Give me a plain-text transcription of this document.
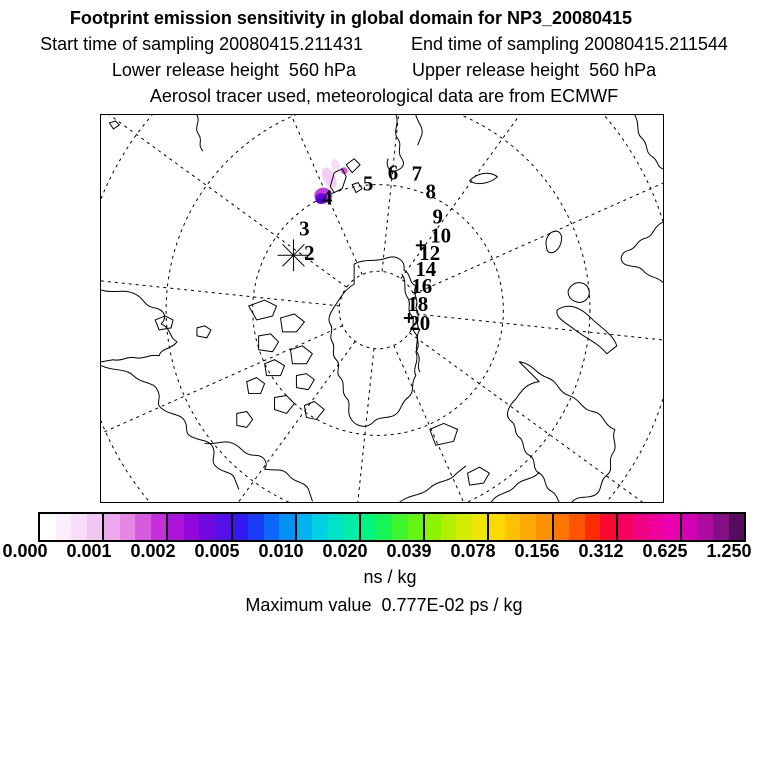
Footprint emission sensitivity in global domain for NP3_20080415
Start time of sampling 20080415.211431	End time of sampling 20080415.211544
Lower release height  560 hPa	Upper release height  560 hPa
Aerosol tracer used, meteorological data are from ECMWF
2
3
4
5 6 7
8
9
10
12
14
16
18
20
0.000	0.001	0.002	0.005	0.010	0.020	0.039	0.078	0.156	0.312	0.625	1.250
ns / kg
Maximum value  0.777E-02 ps / kg
